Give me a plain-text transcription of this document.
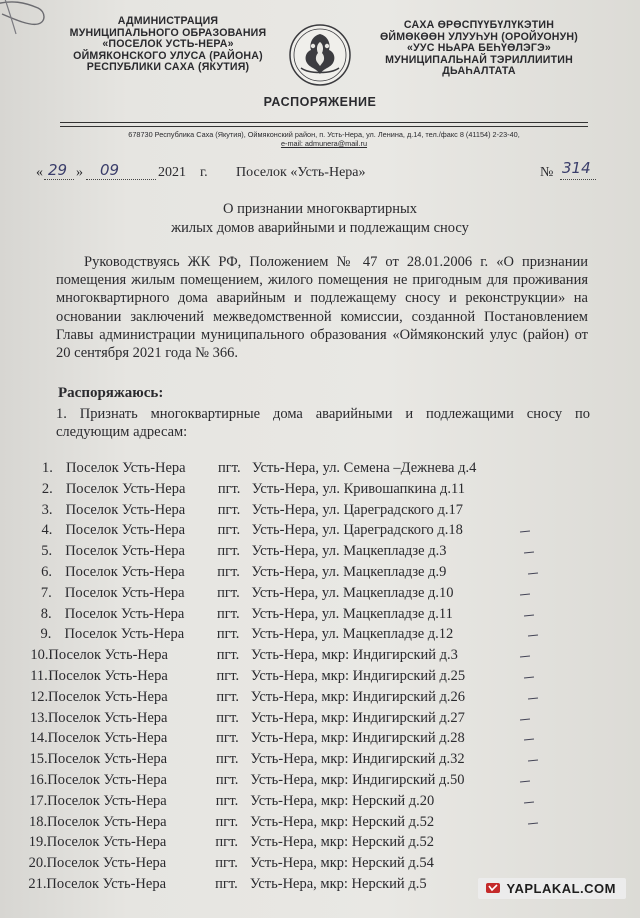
АДМИНИСТРАЦИЯ
МУНИЦИПАЛЬНОГО ОБРАЗОВАНИЯ
«ПОСЕЛОК УСТЬ-НЕРА»
ОЙМЯКОНСКОГО УЛУСА (РАЙОНА)
РЕСПУБЛИКИ САХА (ЯКУТИЯ)
САХА ӨРӨСПҮҮБҮЛҮКЭТИН
ӨЙМӨКӨӨН УЛУУҺУН (ОРОЙУОНУН)
«УУС НЬАРА БЕҺҮӨЛЭГЭ»
МУНИЦИПАЛЬНАЙ ТЭРИЛЛИИТИН
ДЬАҺАЛТАТА
РАСПОРЯЖЕНИЕ
678730 Республика Саха (Якутия), Оймяконский район, п. Усть-Нера, ул. Ленина, д.14, тел./факс 8 (41154) 2-23-40,
e-mail: admunera@mail.ru
« 29 » 09	2021 г. Поселок «Усть-Нера»	№ 314
О признании многоквартирных
жилых домов аварийными и подлежащим сносу
Руководствуясь ЖК РФ, Положением № 47 от 28.01.2006 г. «О признании помещения жилым помещением, жилого помещения не пригодным для проживания многоквартирного дома аварийным и подлежащему сносу и реконструкции» на основании заключений межведомственной комиссии, созданной Постановлением Главы администрации муниципального образования «Оймяконский улус (район) от 20 сентября 2021 года № 366.
Распоряжаюсь:
1. Признать многоквартирные дома аварийными и подлежащими сносу по следующим адресам:
1. Поселок Усть-Нера пгт. Усть-Нера, ул. Семена –Дежнева д.4
2. Поселок Усть-Нера пгт. Усть-Нера, ул. Кривошапкина д.11
3. Поселок Усть-Нера пгт. Усть-Нера, ул. Цареградского д.17
4. Поселок Усть-Нера пгт. Усть-Нера, ул. Цареградского д.18
5. Поселок Усть-Нера пгт. Усть-Нера, ул. Мацкепладзе д.3
6. Поселок Усть-Нера пгт. Усть-Нера, ул. Мацкепладзе д.9
7. Поселок Усть-Нера пгт. Усть-Нера, ул. Мацкепладзе д.10
8. Поселок Усть-Нера пгт. Усть-Нера, ул. Мацкепладзе д.11
9. Поселок Усть-Нера пгт. Усть-Нера, ул. Мацкепладзе д.12
10. Поселок Усть-Нера	пгт. Усть-Нера, мкр: Индигирский д.3
11. Поселок Усть-Нера	пгт. Усть-Нера, мкр: Индигирский д.25
12. Поселок Усть-Нера	пгт. Усть-Нера, мкр: Индигирский д.26
13. Поселок Усть-Нера	пгт. Усть-Нера, мкр: Индигирский д.27
14. Поселок Усть-Нера	пгт. Усть-Нера, мкр: Индигирский д.28
15. Поселок Усть-Нера	пгт. Усть-Нера, мкр: Индигирский д.32
16. Поселок Усть-Нера	пгт. Усть-Нера, мкр: Индигирский д.50
17. Поселок Усть-Нера	пгт. Усть-Нера, мкр: Нерский д.20
18. Поселок Усть-Нера	пгт. Усть-Нера, мкр: Нерский д.52
19. Поселок Усть-Нера	пгт. Усть-Нера, мкр: Нерский д.52
20. Поселок Усть-Нера	пгт. Усть-Нера, мкр: Нерский д.54
21. Поселок Усть-Нера	пгт. Усть-Нера, мкр: Нерский д.5	YAPLAKAL.COM
